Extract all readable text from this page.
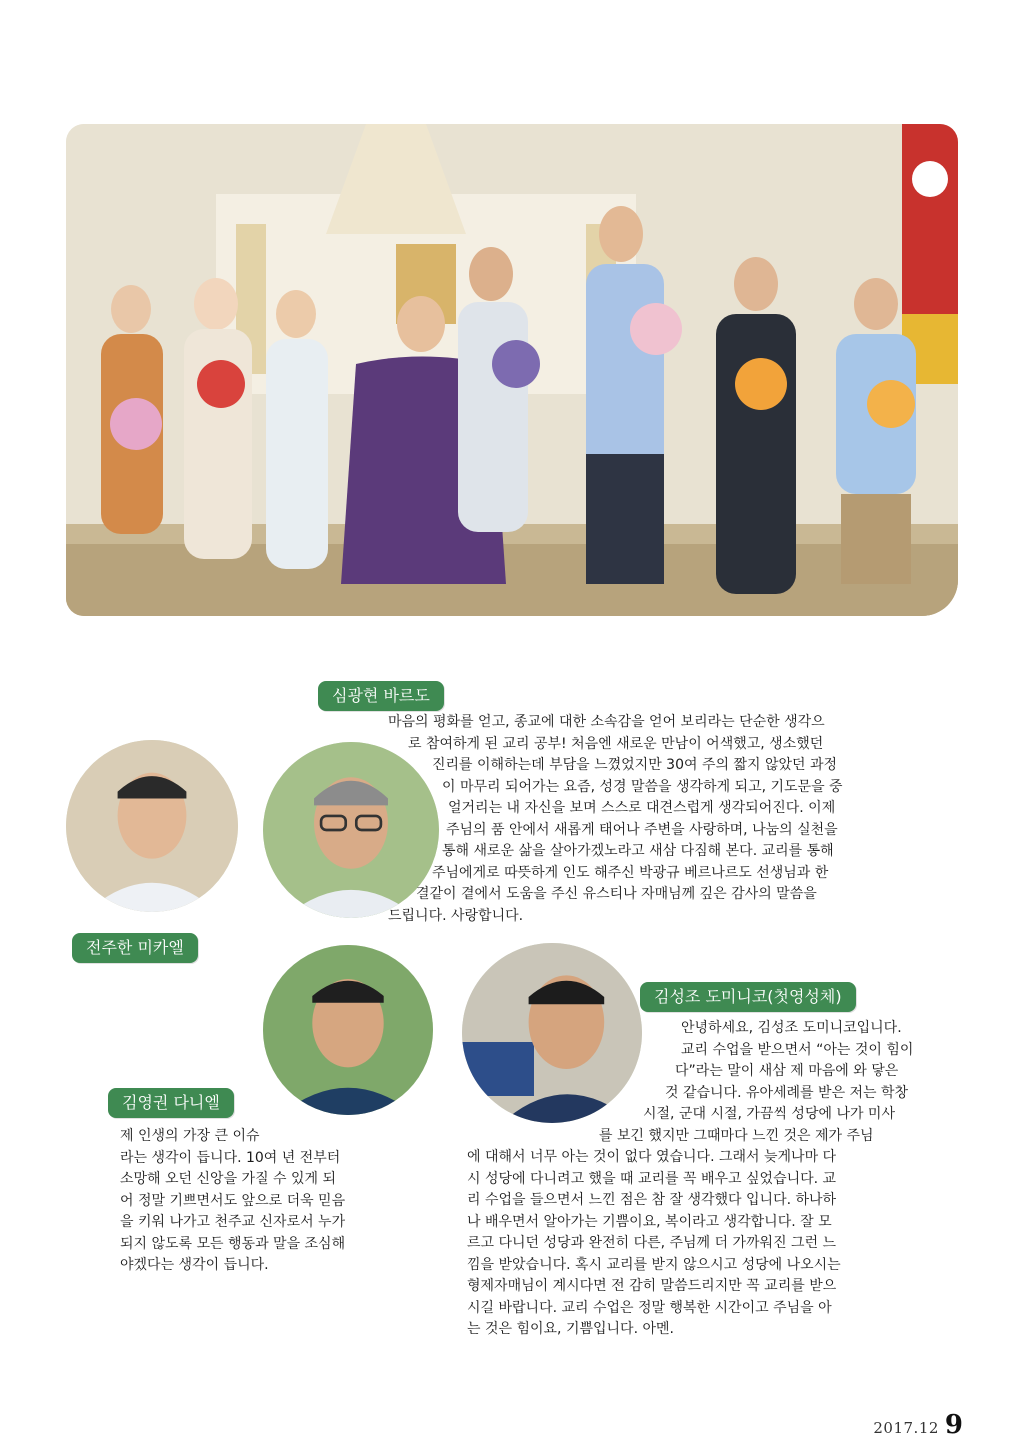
심광현 바르도
전주한 미카엘
김영권 다니엘
김성조 도미니코(첫영성체)
마음의 평화를 얻고, 종교에 대한 소속감을 얻어 보리라는 단순한 생각으
로 참여하게 된 교리 공부! 처음엔 새로운 만남이 어색했고, 생소했던
진리를 이해하는데 부담을 느꼈었지만 30여 주의 짧지 않았던 과정
이 마무리 되어가는 요즘, 성경 말씀을 생각하게 되고, 기도문을 중
얼거리는 내 자신을 보며 스스로 대견스럽게 생각되어진다. 이제
주님의 품 안에서 새롭게 태어나 주변을 사랑하며, 나눔의 실천을
통해 새로운 삶을 살아가겠노라고 새삼 다짐해 본다. 교리를 통해
주님에게로 따뜻하게 인도 해주신 박광규 베르나르도 선생님과 한
결같이 곁에서 도움을 주신 유스티나 자매님께 깊은 감사의 말씀을
드립니다. 사랑합니다.
제 인생의 가장 큰 이슈
라는 생각이 듭니다. 10여 년 전부터
소망해 오던 신앙을 가질 수 있게 되
어 정말 기쁘면서도 앞으로 더욱 믿음
을 키워 나가고 천주교 신자로서 누가
되지 않도록 모든 행동과 말을 조심해
야겠다는 생각이 듭니다.
안녕하세요, 김성조 도미니코입니다.
교리 수업을 받으면서 “아는 것이 힘이
다”라는 말이 새삼 제 마음에 와 닿은
것 같습니다. 유아세례를 받은 저는 학창
시절, 군대 시절, 가끔씩 성당에 나가 미사
를 보긴 했지만 그때마다 느낀 것은 제가 주님
에 대해서 너무 아는 것이 없다 였습니다. 그래서 늦게나마 다
시 성당에 다니려고 했을 때 교리를 꼭 배우고 싶었습니다. 교
리 수업을 들으면서 느낀 점은 참 잘 생각했다 입니다. 하나하
나 배우면서 알아가는 기쁨이요, 복이라고 생각합니다. 잘 모
르고 다니던 성당과 완전히 다른, 주님께 더 가까워진 그런 느
낌을 받았습니다. 혹시 교리를 받지 않으시고 성당에 나오시는
형제자매님이 계시다면 전 감히 말씀드리지만 꼭 교리를 받으
시길 바랍니다. 교리 수업은 정말 행복한 시간이고 주님을 아
는 것은 힘이요, 기쁨입니다. 아멘.
2017.12 9
